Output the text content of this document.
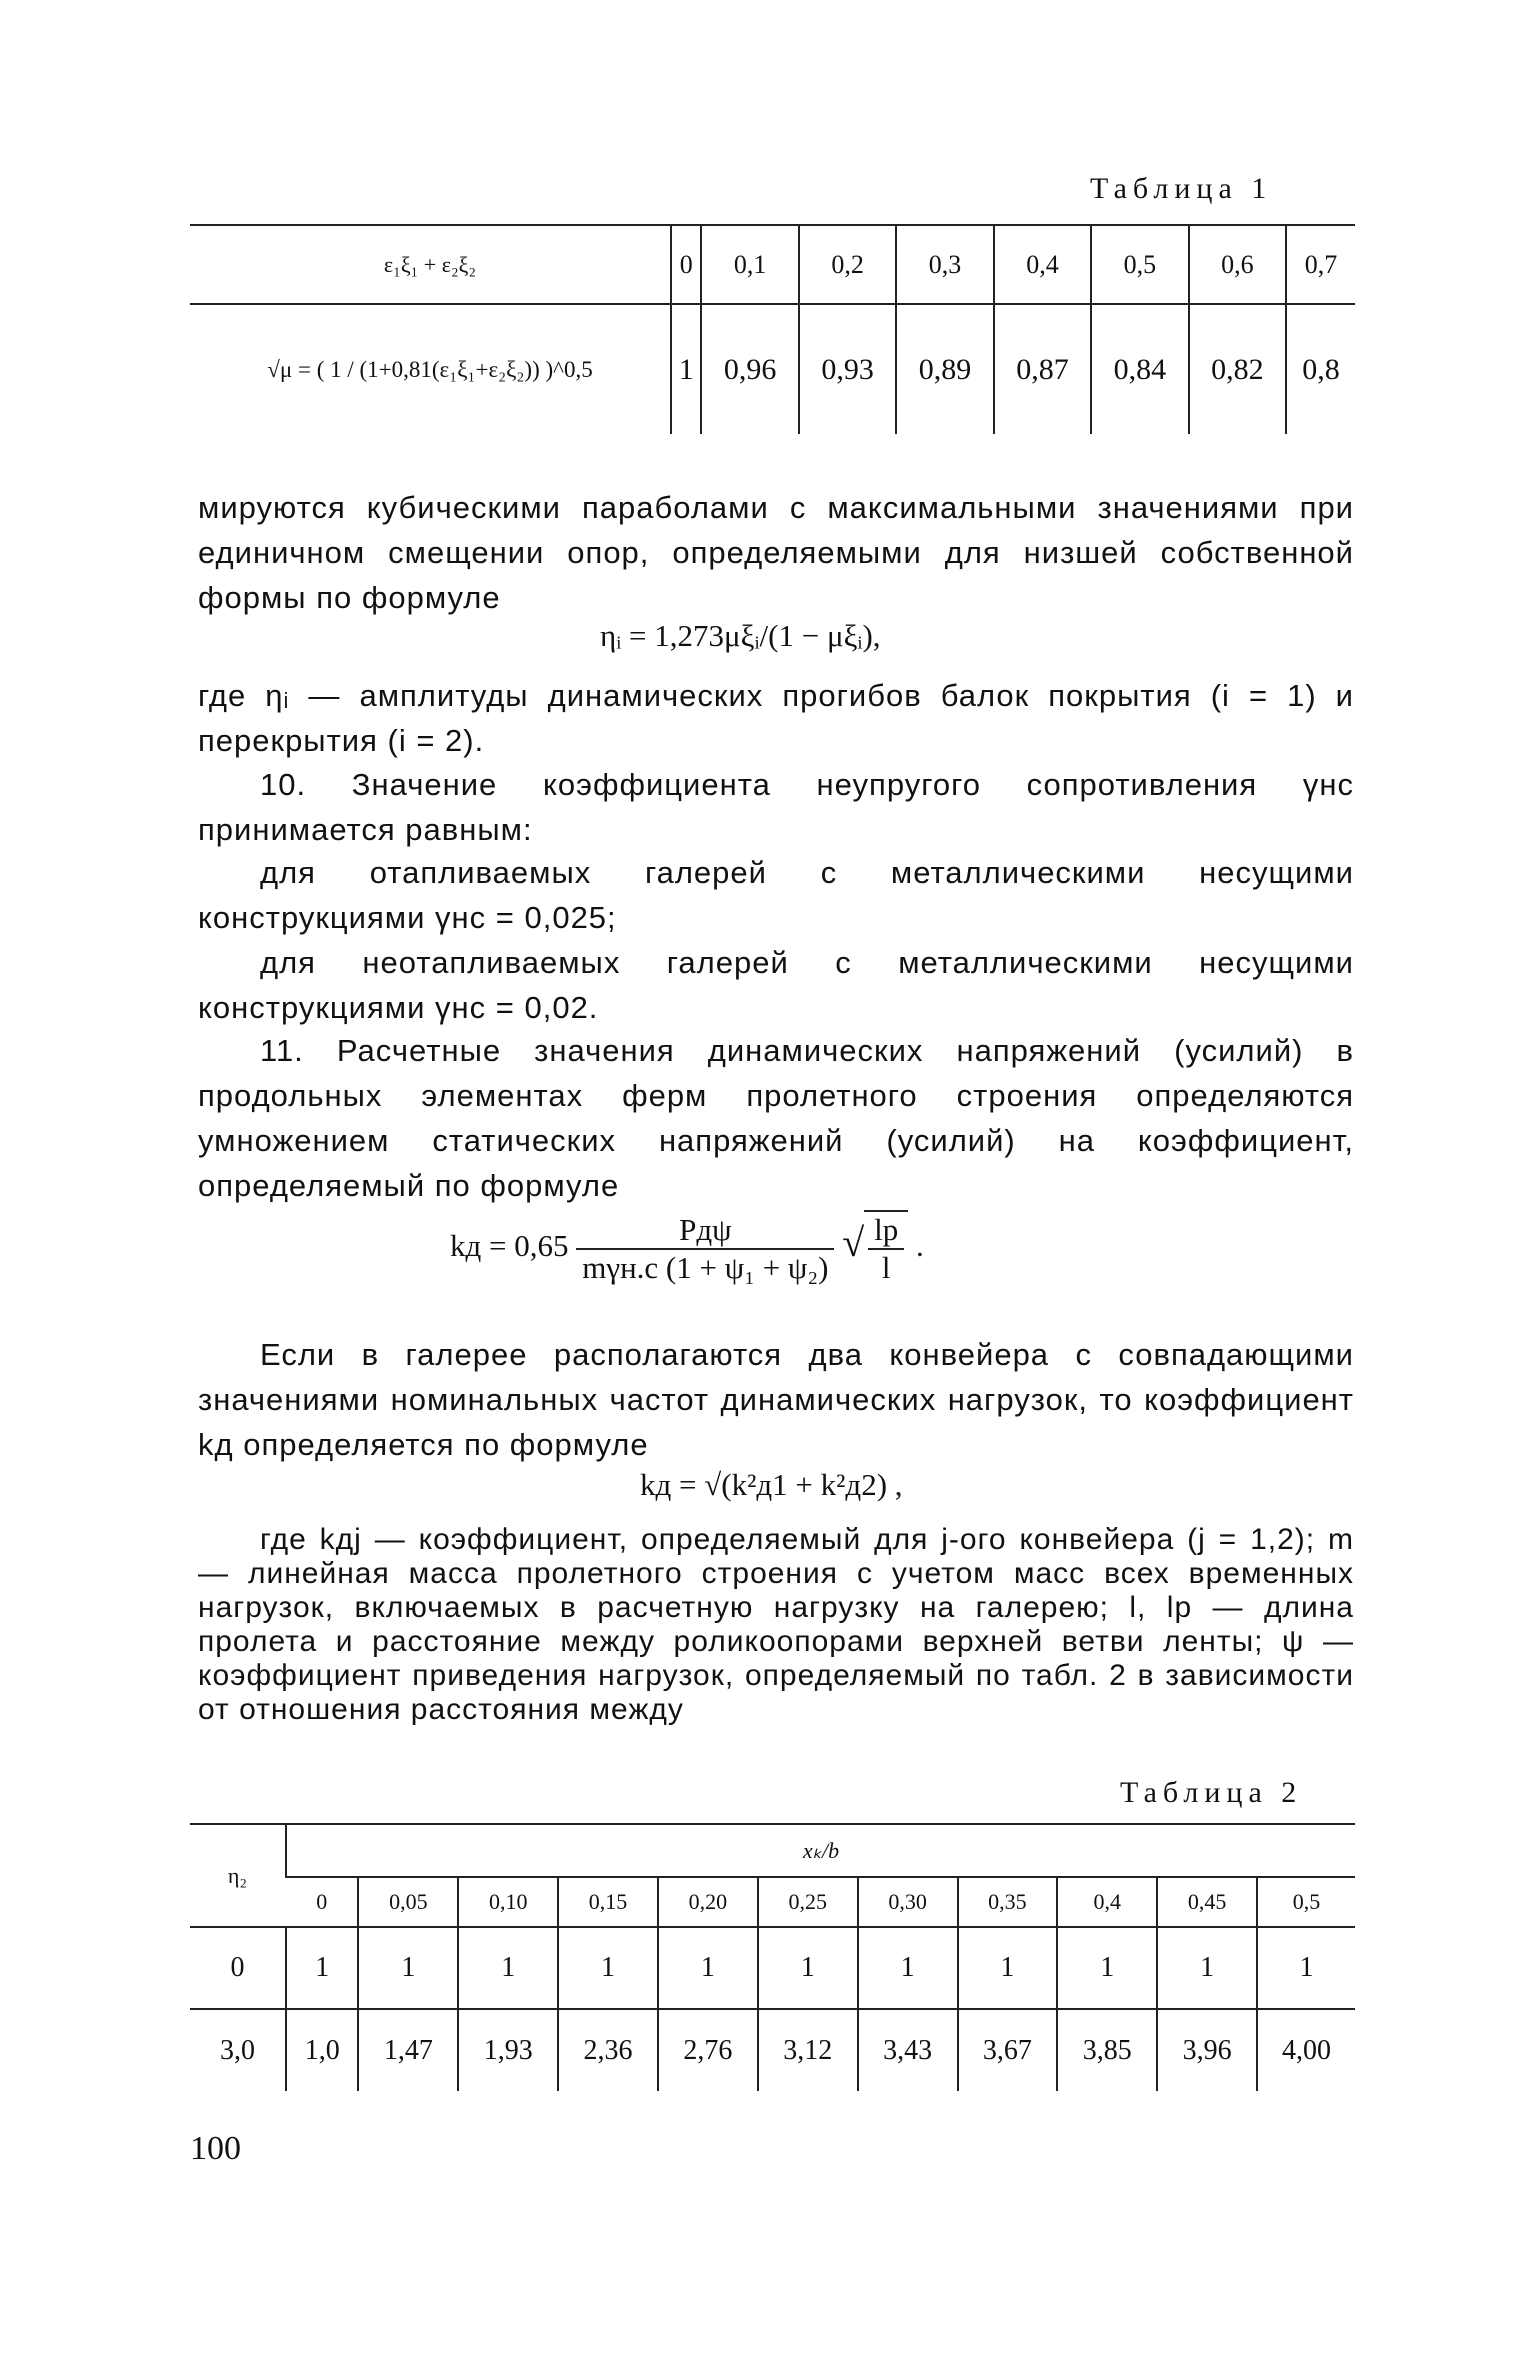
Таблица 1
ε₁ξ₁ + ε₂ξ₂	0	0,1	0,2	0,3	0,4	0,5	0,6	0,7
√μ = ( 1 / (1+0,81(ε₁ξ₁+ε₂ξ₂)) )^0,5	1	0,96	0,93	0,89	0,87	0,84	0,82	0,8
мируются кубическими параболами с максимальными значениями при единичном смещении опор, определяемыми для низшей собственной формы по формуле
ηᵢ = 1,273μξᵢ/(1 − μξᵢ),
где ηᵢ — амплитуды динамических прогибов балок покрытия (i = 1) и перекрытия (i = 2).
10. Значение коэффициента неупругого сопротивления γнс принимается равным:
для отапливаемых галерей с металлическими несущими конструкциями γнс = 0,025;
для неотапливаемых галерей с металлическими несущими конструкциями γнс = 0,02.
11. Расчетные значения динамических напряжений (усилий) в продольных элементах ферм пролетного строения определяются умножением статических напряжений (усилий) на коэффициент, определяемый по формуле
kд = $0,65 \frac{\text{Pдψ}}{\text{mγн.с (1 + ψ₁ + ψ₂)}}$ √ $\frac{lр}{l}$ .
Если в галерее располагаются два конвейера с совпадающими значениями номинальных частот динамических нагрузок, то коэффициент kд определяется по формуле
kд = √(k²д1 + k²д2) ,
где kдj — коэффициент, определяемый для j-ого конвейера (j = 1,2); m — линейная масса пролетного строения с учетом масс всех временных нагрузок, включаемых в расчетную нагрузку на галерею; l, lр — длина пролета и расстояние между роликоопорами верхней ветви ленты; ψ — коэффициент приведения нагрузок, определяемый по табл. 2 в зависимости от отношения расстояния между
Таблица 2
η₂	xₖ/b										
	0	0,05	0,10	0,15	0,20	0,25	0,30	0,35	0,4	0,45	0,5
0	1	1	1	1	1	1	1	1	1	1	1
3,0	1,0	1,47	1,93	2,36	2,76	3,12	3,43	3,67	3,85	3,96	4,00
100
